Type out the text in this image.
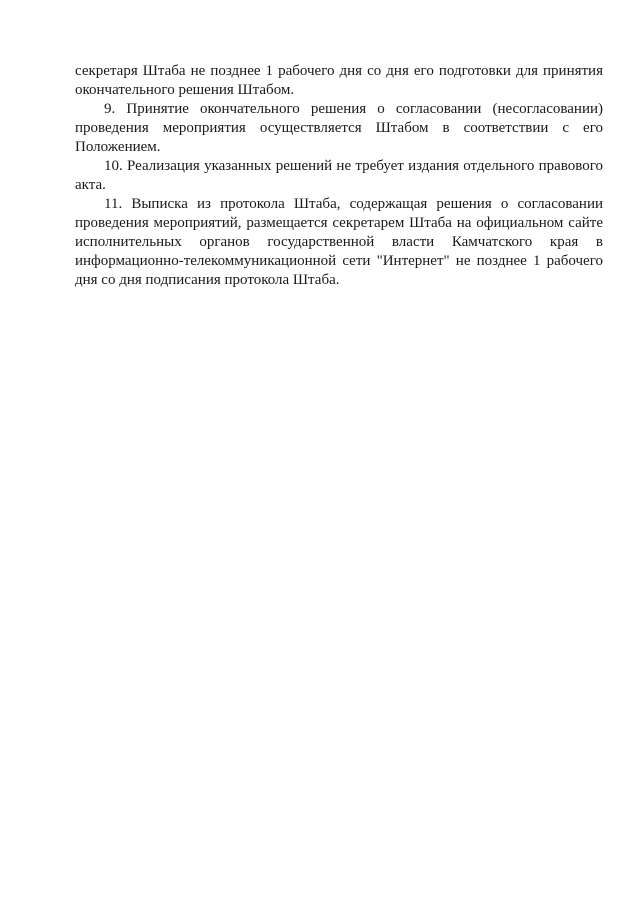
секретаря Штаба не позднее 1 рабочего дня со дня его подготовки для принятия окончательного решения Штабом.

9. Принятие окончательного решения о согласовании (несогласовании) проведения мероприятия осуществляется Штабом в соответствии с его Положением.

10. Реализация указанных решений не требует издания отдельного правового акта.

11. Выписка из протокола Штаба, содержащая решения о согласовании проведения мероприятий, размещается секретарем Штаба на официальном сайте исполнительных органов государственной власти Камчатского края в информационно-телекоммуникационной сети "Интернет" не позднее 1 рабочего дня со дня подписания протокола Штаба.
